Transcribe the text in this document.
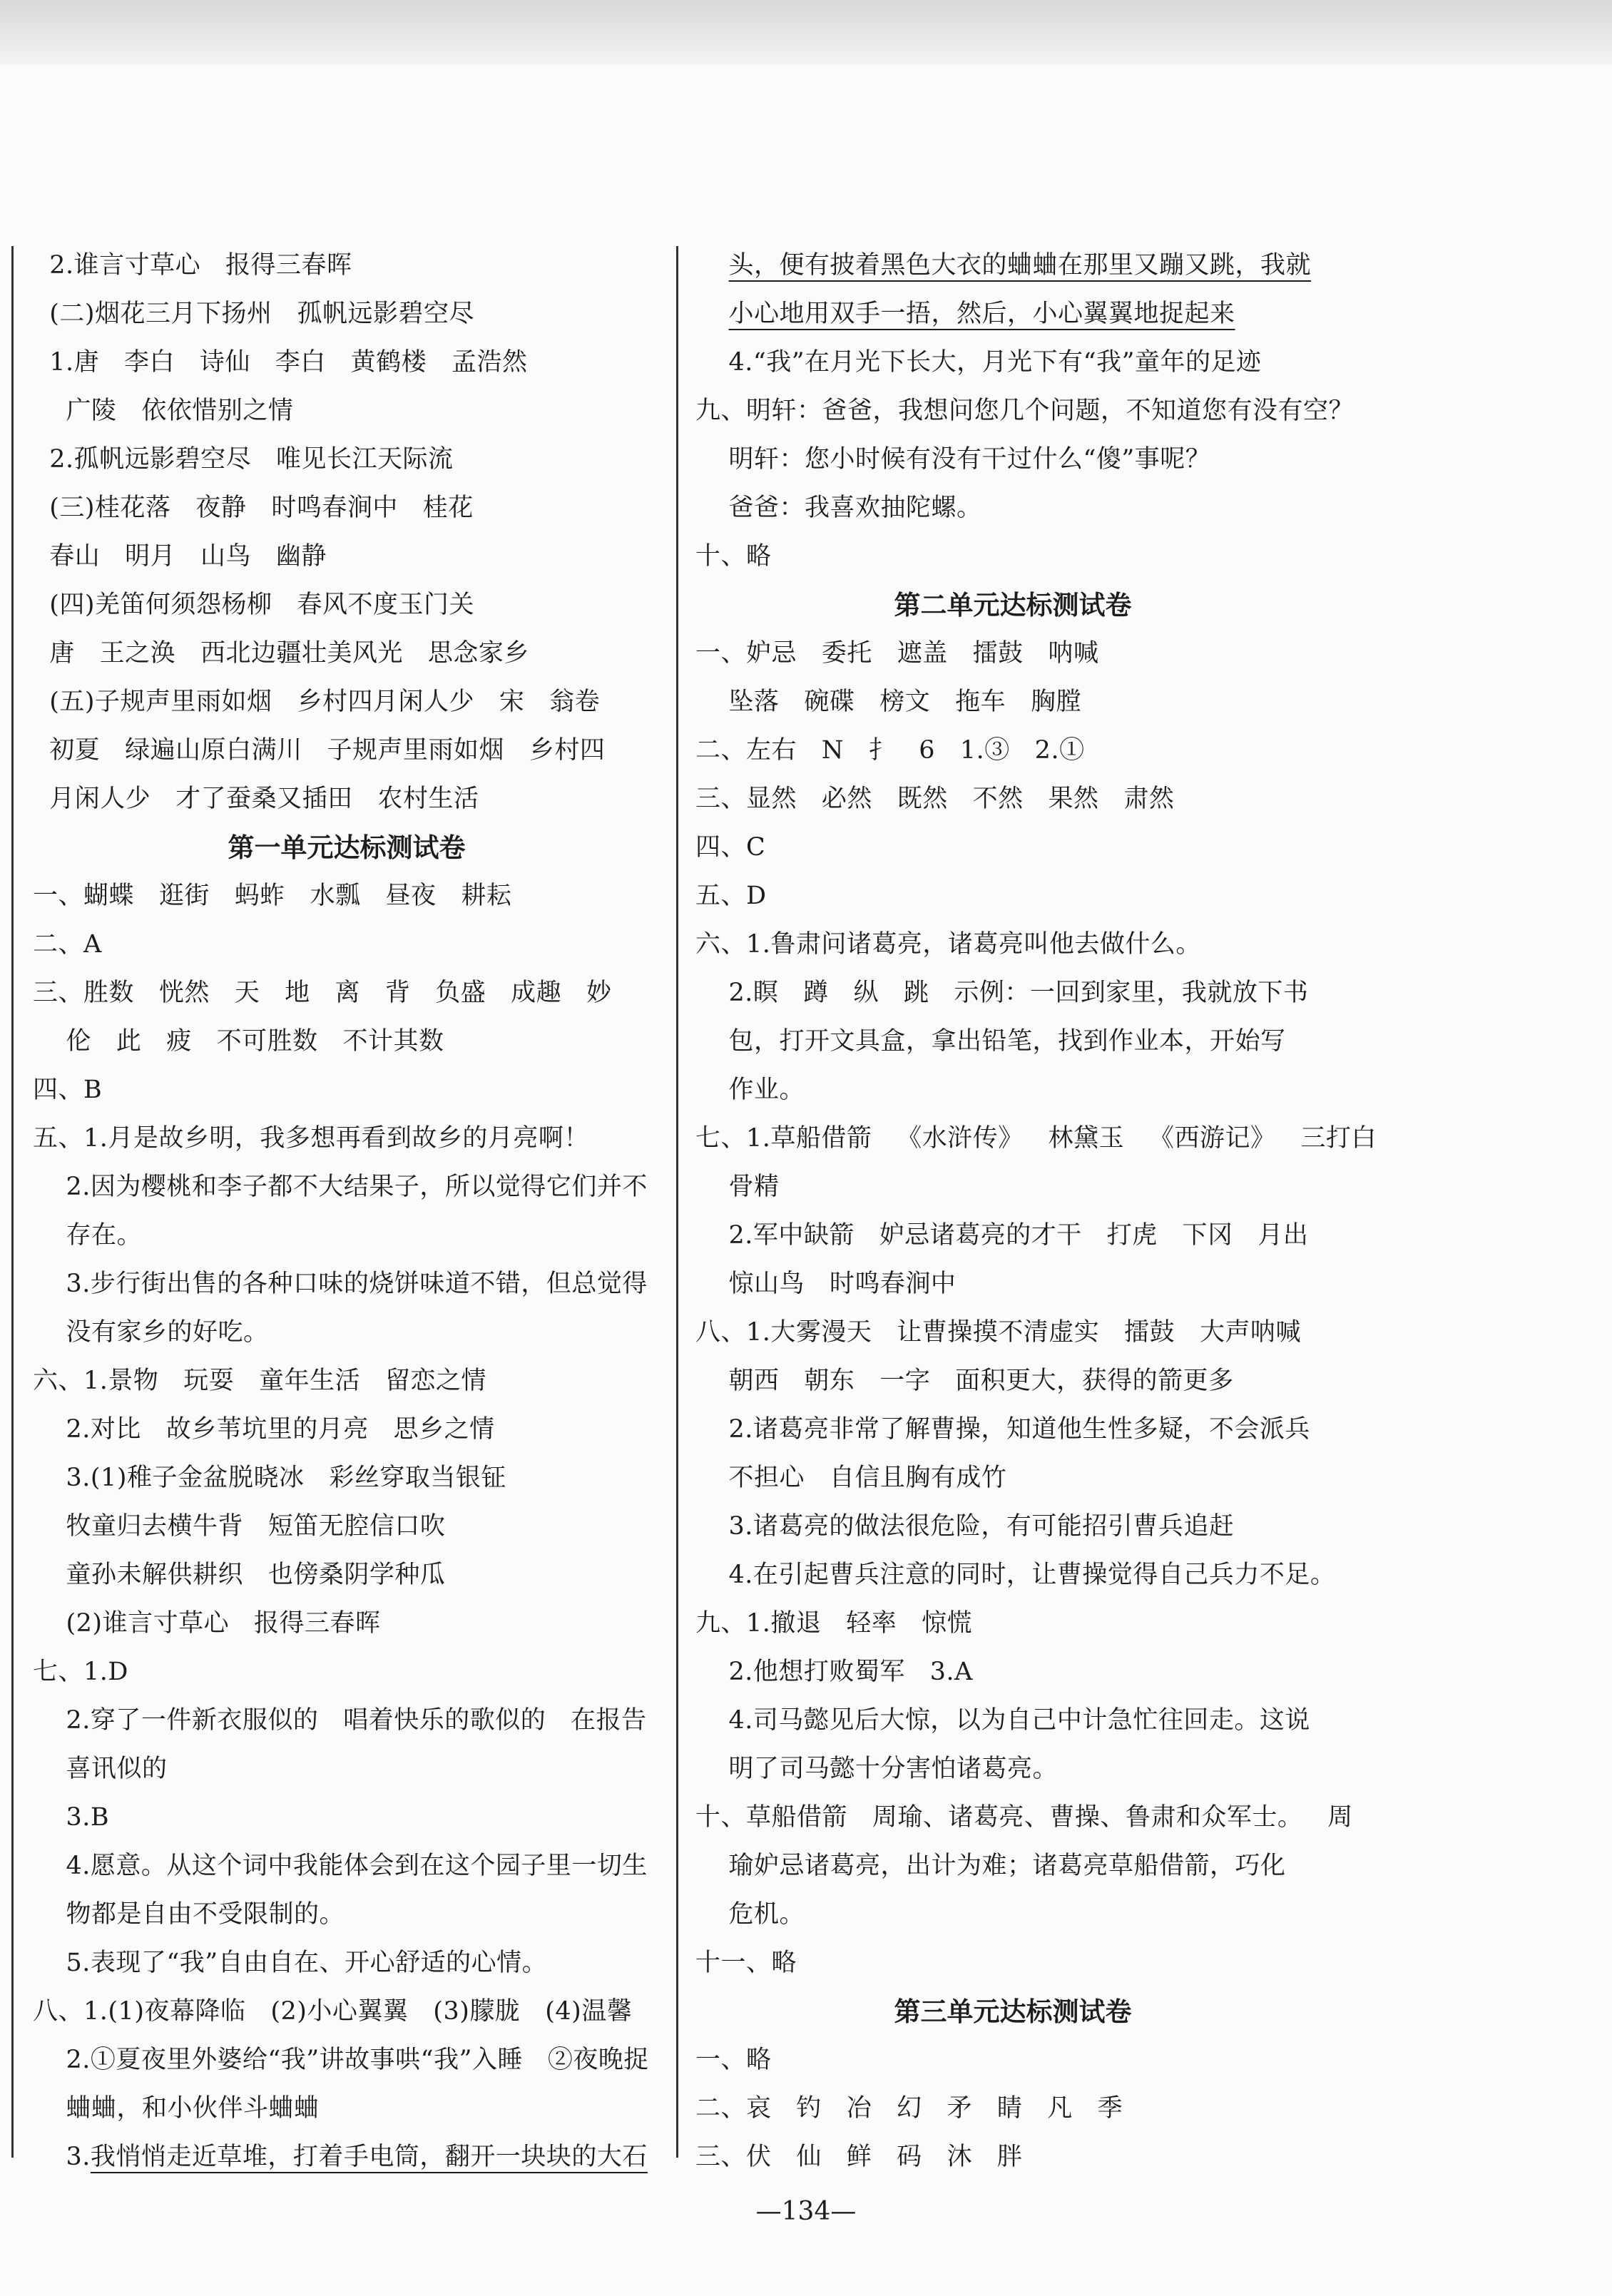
2.谁言寸草心   报得三春晖
(二)烟花三月下扬州   孤帆远影碧空尽
1.唐   李白   诗仙   李白   黄鹤楼   孟浩然
广陵   依依惜别之情
2.孤帆远影碧空尽   唯见长江天际流
(三)桂花落   夜静   时鸣春涧中   桂花
春山   明月   山鸟   幽静
(四)羌笛何须怨杨柳   春风不度玉门关
唐   王之涣   西北边疆壮美风光   思念家乡
(五)子规声里雨如烟   乡村四月闲人少   宋   翁卷
初夏   绿遍山原白满川   子规声里雨如烟   乡村四
月闲人少   才了蚕桑又插田   农村生活
第一单元达标测试卷
一、蝴蝶   逛街   蚂蚱   水瓢   昼夜   耕耘
二、A
三、胜数   恍然   天   地   离   背   负盛   成趣   妙
伦   此   疲   不可胜数   不计其数
四、B
五、1.月是故乡明，我多想再看到故乡的月亮啊！
2.因为樱桃和李子都不大结果子，所以觉得它们并不
存在。
3.步行街出售的各种口味的烧饼味道不错，但总觉得
没有家乡的好吃。
六、1.景物   玩耍   童年生活   留恋之情
2.对比   故乡苇坑里的月亮   思乡之情
3.(1)稚子金盆脱晓冰   彩丝穿取当银钲
牧童归去横牛背   短笛无腔信口吹
童孙未解供耕织   也傍桑阴学种瓜
(2)谁言寸草心   报得三春晖
七、1.D
2.穿了一件新衣服似的   唱着快乐的歌似的   在报告
喜讯似的
3.B
4.愿意。从这个词中我能体会到在这个园子里一切生
物都是自由不受限制的。
5.表现了“我”自由自在、开心舒适的心情。
八、1.(1)夜幕降临   (2)小心翼翼   (3)朦胧   (4)温馨
2.①夏夜里外婆给“我”讲故事哄“我”入睡   ②夜晚捉
蛐蛐，和小伙伴斗蛐蛐
3.我悄悄走近草堆，打着手电筒，翻开一块块的大石
头，便有披着黑色大衣的蛐蛐在那里又蹦又跳，我就
小心地用双手一捂，然后，小心翼翼地捉起来
4.“我”在月光下长大，月光下有“我”童年的足迹
九、明轩：爸爸，我想问您几个问题，不知道您有没有空？
明轩：您小时候有没有干过什么“傻”事呢？
爸爸：我喜欢抽陀螺。
十、略
第二单元达标测试卷
一、妒忌   委托   遮盖   擂鼓   呐喊
坠落   碗碟   榜文   拖车   胸膛
二、左右   N   扌   6   1.③   2.①
三、显然   必然   既然   不然   果然   肃然
四、C
五、D
六、1.鲁肃问诸葛亮，诸葛亮叫他去做什么。
2.瞑   蹲   纵   跳   示例：一回到家里，我就放下书
包，打开文具盒，拿出铅笔，找到作业本，开始写
作业。
七、1.草船借箭   《水浒传》   林黛玉   《西游记》   三打白
骨精
2.军中缺箭   妒忌诸葛亮的才干   打虎   下冈   月出
惊山鸟   时鸣春涧中
八、1.大雾漫天   让曹操摸不清虚实   擂鼓   大声呐喊
朝西   朝东   一字   面积更大，获得的箭更多
2.诸葛亮非常了解曹操，知道他生性多疑，不会派兵
不担心   自信且胸有成竹
3.诸葛亮的做法很危险，有可能招引曹兵追赶
4.在引起曹兵注意的同时，让曹操觉得自己兵力不足。
九、1.撤退   轻率   惊慌
2.他想打败蜀军   3.A
4.司马懿见后大惊，以为自己中计急忙往回走。这说
明了司马懿十分害怕诸葛亮。
十、草船借箭   周瑜、诸葛亮、曹操、鲁肃和众军士。   周
瑜妒忌诸葛亮，出计为难；诸葛亮草船借箭，巧化
危机。
十一、略
第三单元达标测试卷
一、略
二、哀   钓   冶   幻   矛   睛   凡   季
三、伏   仙   鲜   码   沐   胖
—134—
